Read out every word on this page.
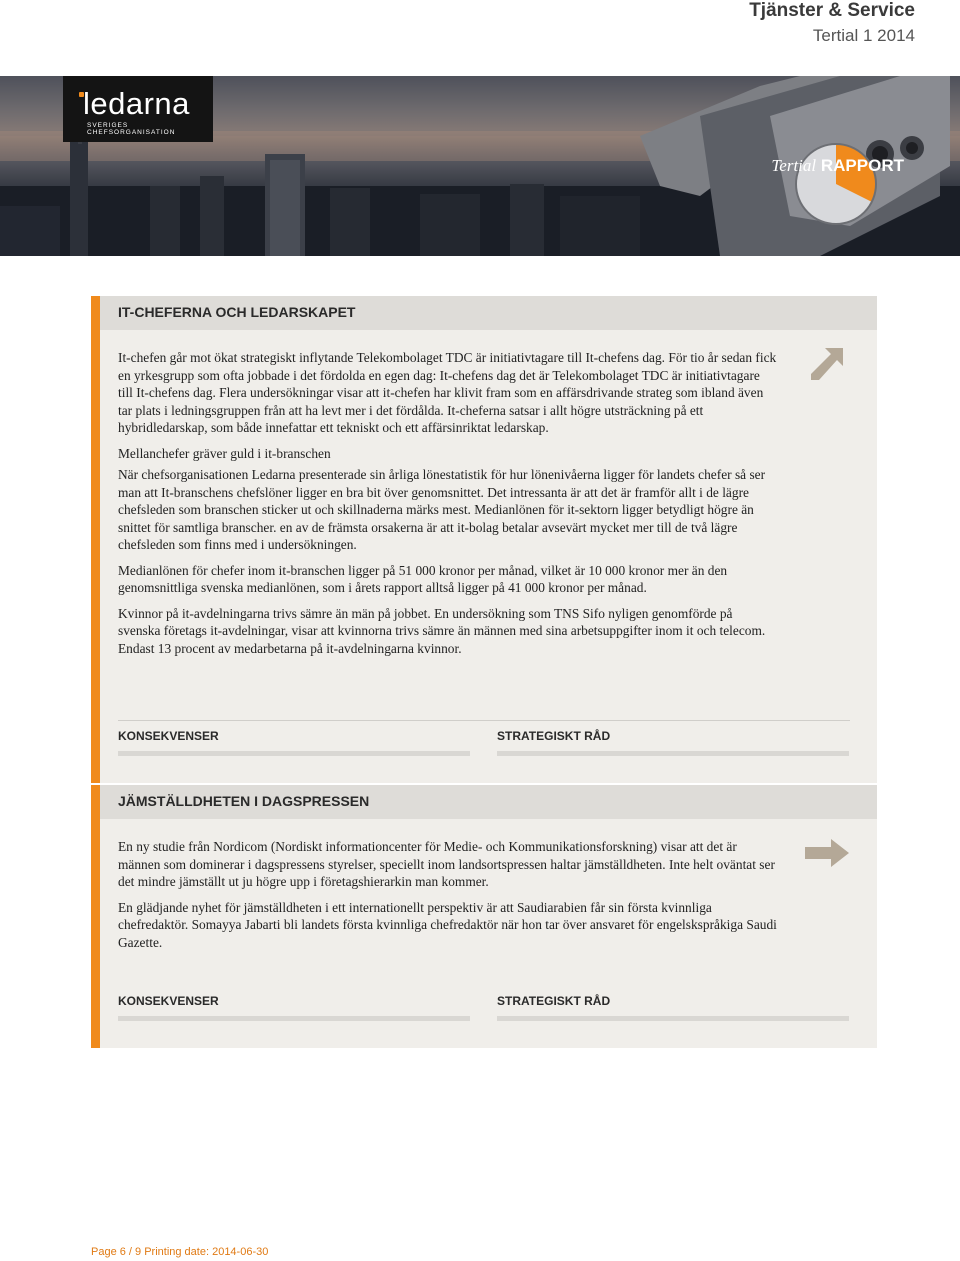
Tjänster & Service
Tertial 1 2014
ledarna
SVERIGES CHEFSORGANISATION
Tertial RAPPORT
IT-CHEFERNA OCH LEDARSKAPET

It-chefen går mot ökat strategiskt inflytande Telekombolaget TDC är initiativtagare till It-chefens dag. För tio år sedan fick en yrkesgrupp som ofta jobbade i det fördolda en egen dag: It-chefens dag det är Telekombolaget TDC är initiativtagare till It-chefens dag. Flera undersökningar visar att it-chefen har klivit fram som en affärsdrivande strateg som ibland även tar plats i ledningsgruppen från att ha levt mer i det fördålda. It-cheferna satsar i allt högre utsträckning på ett hybridledarskap, som både innefattar ett tekniskt och ett affärsinriktat ledarskap.

Mellanchefer gräver guld i it-branschen

När chefsorganisationen Ledarna presenterade sin årliga lönestatistik för hur lönenivåerna ligger för landets chefer så ser man att It-branschens chefslöner ligger en bra bit över genomsnittet. Det intressanta är att det är framför allt i de lägre chefsleden som branschen sticker ut och skillnaderna märks mest. Medianlönen för it-sektorn ligger betydligt högre än snittet för samtliga branscher. en av de främsta orsakerna är att it-bolag betalar avsevärt mycket mer till de två lägre chefsleden som finns med i undersökningen.

Medianlönen för chefer inom it-branschen ligger på 51 000 kronor per månad, vilket är 10 000 kronor mer än den genomsnittliga svenska medianlönen, som i årets rapport alltså ligger på 41 000 kronor per månad.

Kvinnor på it-avdelningarna trivs sämre än män på jobbet. En undersökning som TNS Sifo nyligen genomförde på svenska företags it-avdelningar, visar att kvinnorna trivs sämre än männen med sina arbetsuppgifter inom it och telecom. Endast 13 procent av medarbetarna på it-avdelningarna kvinnor.

KONSEKVENSER	STRATEGISKT RÅD
JÄMSTÄLLDHETEN I DAGSPRESSEN

En ny studie från Nordicom (Nordiskt informationcenter för Medie- och Kommunikationsforskning) visar att det är männen som dominerar i dagspressens styrelser, speciellt inom landsortspressen haltar jämställdheten. Inte helt oväntat ser det mindre jämställt ut ju högre upp i företagshierarkin man kommer.

En glädjande nyhet för jämställdheten i ett internationellt perspektiv är att Saudiarabien får sin första kvinnliga chefredaktör. Somayya Jabarti bli landets första kvinnliga chefredaktör när hon tar över ansvaret för engelskspråkiga Saudi Gazette.

KONSEKVENSER	STRATEGISKT RÅD
Page 6 / 9 Printing date: 2014-06-30
